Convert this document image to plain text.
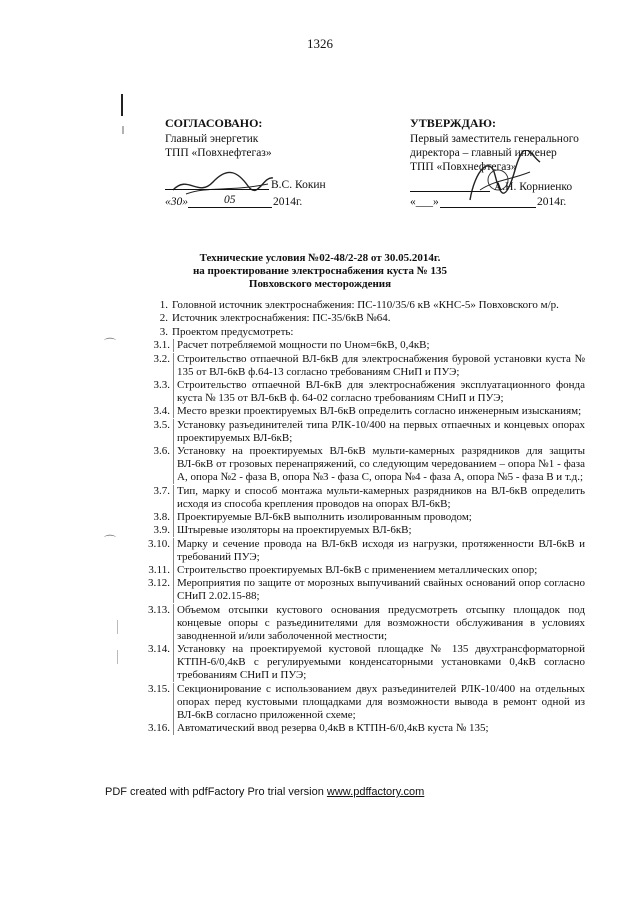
1326
СОГЛАСОВАНО:
Главный энергетик
ТПП «Повхнефтегаз»
В.С. Кокин
«30»	05	2014г.
УТВЕРЖДАЮ:
Первый заместитель генерального
директора – главный инженер
ТПП «Повхнефтегаз»
А.Н. Корниенко
«___»	2014г.
Технические условия №02-48/2-28 от 30.05.2014г.
на проектирование электроснабжения куста № 135
Повховского месторождения
⌒
⌒
1. Головной источник электроснабжения: ПС-110/35/6 кВ «КНС-5» Повховского м/р.
2. Источник электроснабжения: ПС-35/6кВ №64.
3. Проектом предусмотреть:
3.1. Расчет потребляемой мощности по Uном=6кВ, 0,4кВ;
3.2. Строительство отпаечной ВЛ-6кВ для электроснабжения буровой установки куста № 135 от ВЛ-6кВ ф.64-13 согласно требованиям СНиП и ПУЭ;
3.3. Строительство отпаечной ВЛ-6кВ для электроснабжения эксплуатационного фонда куста № 135 от ВЛ-6кВ ф. 64-02 согласно требованиям СНиП и ПУЭ;
3.4. Место врезки проектируемых ВЛ-6кВ определить согласно инженерным изысканиям;
3.5. Установку разъединителей типа РЛК-10/400 на первых отпаечных и концевых опорах проектируемых ВЛ-6кВ;
3.6. Установку на проектируемых ВЛ-6кВ мульти-камерных разрядников для защиты ВЛ-6кВ от грозовых перенапряжений, со следующим чередованием – опора №1 - фаза А, опора №2 - фаза В, опора №3 - фаза С, опора №4 - фаза А, опора №5 - фаза В и т.д.;
3.7. Тип, марку и способ монтажа мульти-камерных разрядников на ВЛ-6кВ определить исходя из способа крепления проводов на опорах ВЛ-6кВ;
3.8. Проектируемые ВЛ-6кВ выполнить изолированным проводом;
3.9. Штыревые изоляторы на проектируемых ВЛ-6кВ;
3.10. Марку и сечение провода на ВЛ-6кВ исходя из нагрузки, протяженности ВЛ-6кВ и требований ПУЭ;
3.11. Строительство проектируемых ВЛ-6кВ с применением металлических опор;
3.12. Мероприятия по защите от морозных выпучиваний свайных оснований опор согласно СНиП 2.02.15-88;
3.13. Объемом отсыпки кустового основания предусмотреть отсыпку площадок под концевые опоры с разъединителями для возможности обслуживания в условиях заводненной и/или заболоченной местности;
3.14. Установку на проектируемой кустовой площадке № 135 двухтрансформаторной КТПН-6/0,4кВ с регулируемыми конденсаторными установками 0,4кВ согласно требованиям СНиП и ПУЭ;
3.15. Секционирование с использованием двух разъединителей РЛК-10/400 на отдельных опорах перед кустовыми площадками для возможности вывода в ремонт одной из ВЛ-6кВ согласно приложенной схеме;
3.16. Автоматический ввод резерва 0,4кВ в КТПН-6/0,4кВ куста № 135;
PDF created with pdfFactory Pro trial version www.pdffactory.com
